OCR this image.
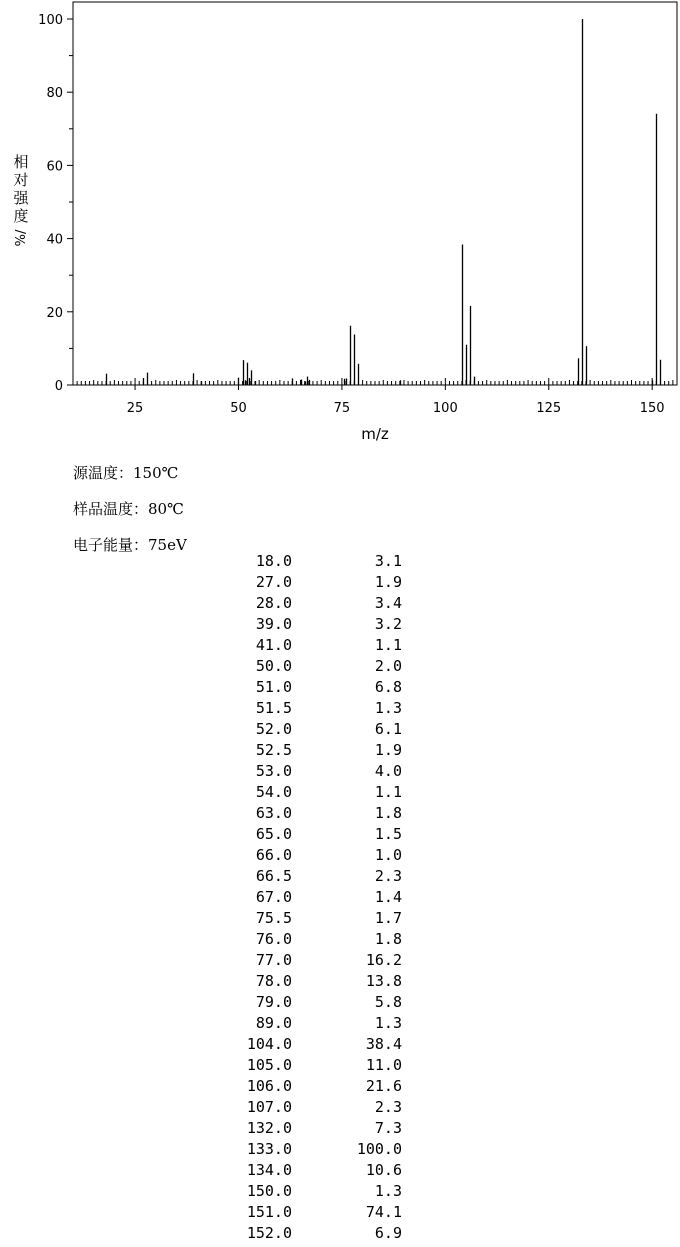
0
20
40
60
80
100
25	50	75	100	125	150
m/z
相
对
强
度
%/
源温度：150℃
样品温度：80℃
电子能量：75eV
18.0	3.1
27.0	1.9
28.0	3.4
39.0	3.2
41.0	1.1
50.0	2.0
51.0	6.8
51.5	1.3
52.0	6.1
52.5	1.9
53.0	4.0
54.0	1.1
63.0	1.8
65.0	1.5
66.0	1.0
66.5	2.3
67.0	1.4
75.5	1.7
76.0	1.8
77.0	16.2
78.0	13.8
79.0	5.8
89.0	1.3
104.0	38.4
105.0	11.0
106.0	21.6
107.0	2.3
132.0	7.3
133.0	100.0
134.0	10.6
150.0	1.3
151.0	74.1
152.0	6.9
